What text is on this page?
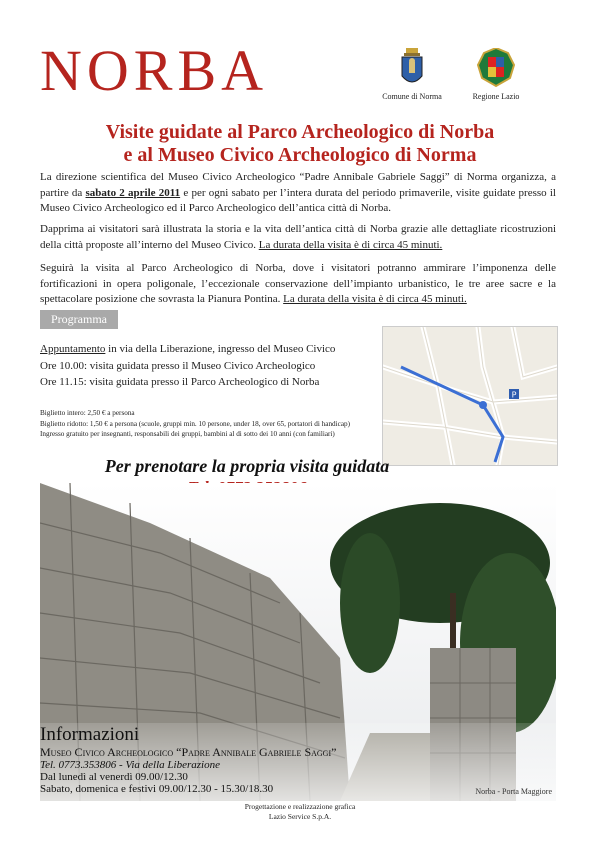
NORBA	Comune di Norma	Regione Lazio
Visite guidate al Parco Archeologico di Norba
e al Museo Civico Archeologico di Norma
La direzione scientifica del Museo Civico Archeologico “Padre Annibale Gabriele Saggi” di Norma organizza, a partire da sabato 2 aprile 2011 e per ogni sabato per l’intera durata del periodo primaverile, visite guidate presso il Museo Civico Archeologico ed il Parco Archeologico dell’antica città di Norba.
Dapprima ai visitatori sarà illustrata la storia e la vita dell’antica città di Norba grazie alle dettagliate ricostruzioni della città proposte all’interno del Museo Civico. La durata della visita è di circa 45 minuti.
Seguirà la visita al Parco Archeologico di Norba, dove i visitatori potranno ammirare l’imponenza delle fortificazioni in opera poligonale, l’eccezionale conservazione dell’impianto urbanistico, le tre aree sacre e la spettacolare posizione che sovrasta la Pianura Pontina. La durata della visita è di circa 45 minuti.
Programma
Appuntamento in via della Liberazione, ingresso del Museo Civico
Ore 10.00: visita guidata presso il Museo Civico Archeologico
Ore 11.15: visita guidata presso il Parco Archeologico di Norba
Biglietto intero: 2,50 € a persona
Biglietto ridotto: 1,50 € a persona (scuole, gruppi min. 10 persone, under 18, over 65, portatori di handicap)
Ingresso gratuito per insegnanti, responsabili dei gruppi, bambini al di sotto dei 10 anni (con familiari)
P
Per prenotare la propria visita guidata
Informazioni
Museo Civico Archeologico “Padre Annibale Gabriele Saggi”
Tel. 0773.353806 - Via della Liberazione
Dal lunedì al venerdì 09.00/12.30
Sabato, domenica e festivi 09.00/12.30 - 15.30/18.30	Norba - Porta Maggiore
Progettazione e realizzazione grafica
Lazio Service S.p.A.
